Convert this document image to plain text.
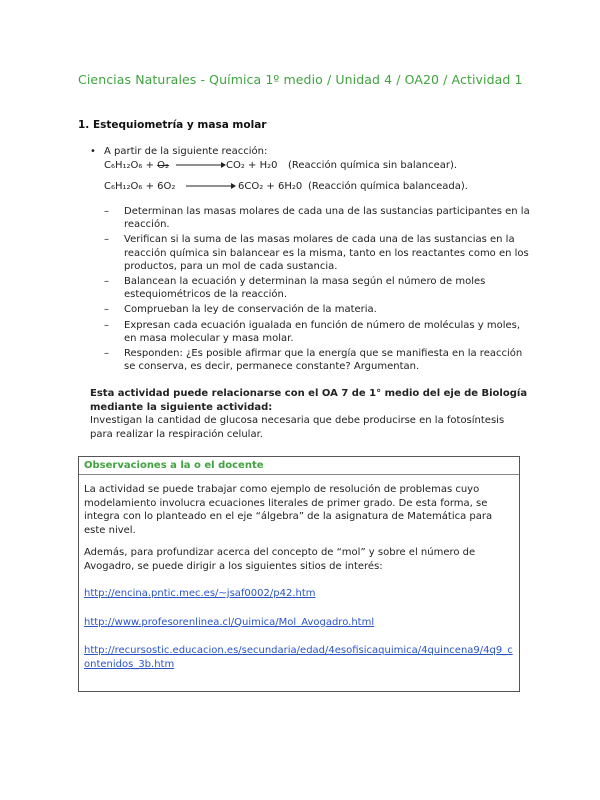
Ciencias Naturales - Química 1º medio / Unidad 4 / OA20 / Actividad 1
1. Estequiometría y masa molar
• A partir de la siguiente reacción:
C₆H₁₂O₆ + O₂	CO₂ + H₂0 (Reacción química sin balancear).
C₆H₁₂O₆ + 6O₂	6CO₂ + 6H₂0 (Reacción química balanceada).
– Determinan las masas molares de cada una de las sustancias participantes en la reacción.
– Verifican si la suma de las masas molares de cada una de las sustancias en la reacción química sin balancear es la misma, tanto en los reactantes como en los productos, para un mol de cada sustancia.
– Balancean la ecuación y determinan la masa según el número de moles estequiométricos de la reacción.
– Comprueban la ley de conservación de la materia.
– Expresan cada ecuación igualada en función de número de moléculas y moles, en masa molecular y masa molar.
– Responden: ¿Es posible afirmar que la energía que se manifiesta en la reacción se conserva, es decir, permanece constante? Argumentan.
Esta actividad puede relacionarse con el OA 7 de 1° medio del eje de Biología mediante la siguiente actividad:
Investigan la cantidad de glucosa necesaria que debe producirse en la fotosíntesis para realizar la respiración celular.
Observaciones a la o el docente

La actividad se puede trabajar como ejemplo de resolución de problemas cuyo modelamiento involucra ecuaciones literales de primer grado. De esta forma, se integra con lo planteado en el eje “álgebra” de la asignatura de Matemática para este nivel.

Además, para profundizar acerca del concepto de “mol” y sobre el número de Avogadro, se puede dirigir a los siguientes sitios de interés:

http://encina.pntic.mec.es/~jsaf0002/p42.htm
http://www.profesorenlinea.cl/Quimica/Mol_Avogadro.html
http://recursostic.educacion.es/secundaria/edad/4esofisicaquimica/4quincena9/4q9_contenidos_3b.htm
